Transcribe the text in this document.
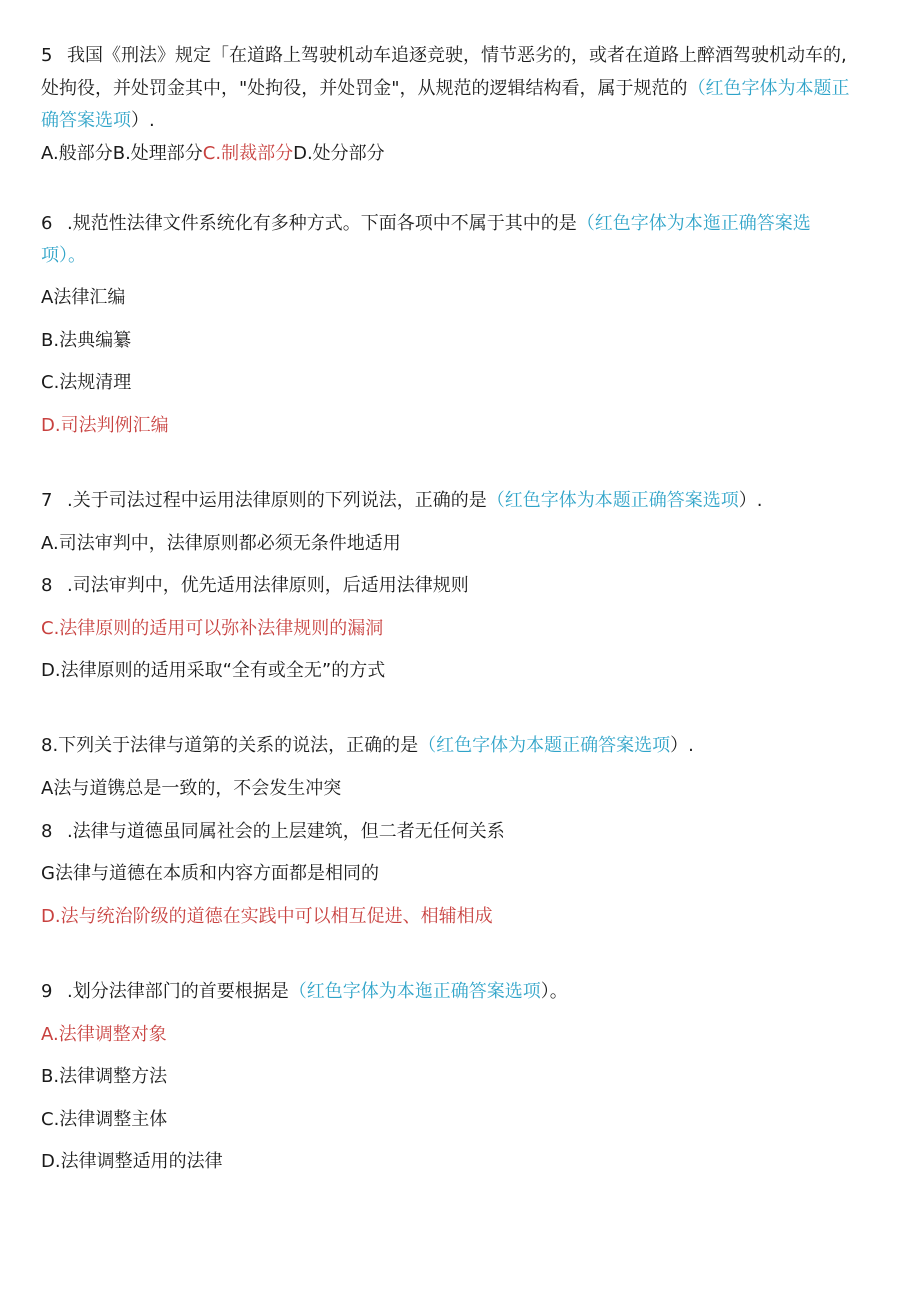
5 我国《刑法》规定「在道路上驾驶机动车追逐竞驶，情节恶劣的，或者在道路上醉酒驾驶机动车的,
处拘役，并处罚金其中，"处拘役，并处罚金"，从规范的逻辑结构看，属于规范的（红色字体为本题正
确答案选项）.
A.般部分B.处理部分C.制裁部分D.处分部分
6 .规范性法律文件系统化有多种方式。下面各项中不属于其中的是（红色字体为本迤正确答案选
项）。
A法律汇编
B.法典编纂
C.法规清理
D.司法判例汇编
7 .关于司法过程中运用法律原则的下列说法，正确的是（红色字体为本题正确答案选项）.
A.司法审判中，法律原则都必须无条件地适用
8 .司法审判中，优先适用法律原则，后适用法律规则
C.法律原则的适用可以弥补法律规则的漏洞
D.法律原则的适用采取“全有或全无”的方式
8.下列关于法律与道第的关系的说法，正确的是（红色字体为本题正确答案选项）.
A法与道镌总是一致的，不会发生冲突
8 .法律与道德虽同属社会的上层建筑，但二者无任何关系
G法律与道德在本质和内容方面都是相同的
D.法与统治阶级的道德在实践中可以相互促进、相辅相成
9 .划分法律部门的首要根据是（红色字体为本迤正确答案选项）。
A.法律调整对象
B.法律调整方法
C.法律调整主体
D.法律调整适用的法律
